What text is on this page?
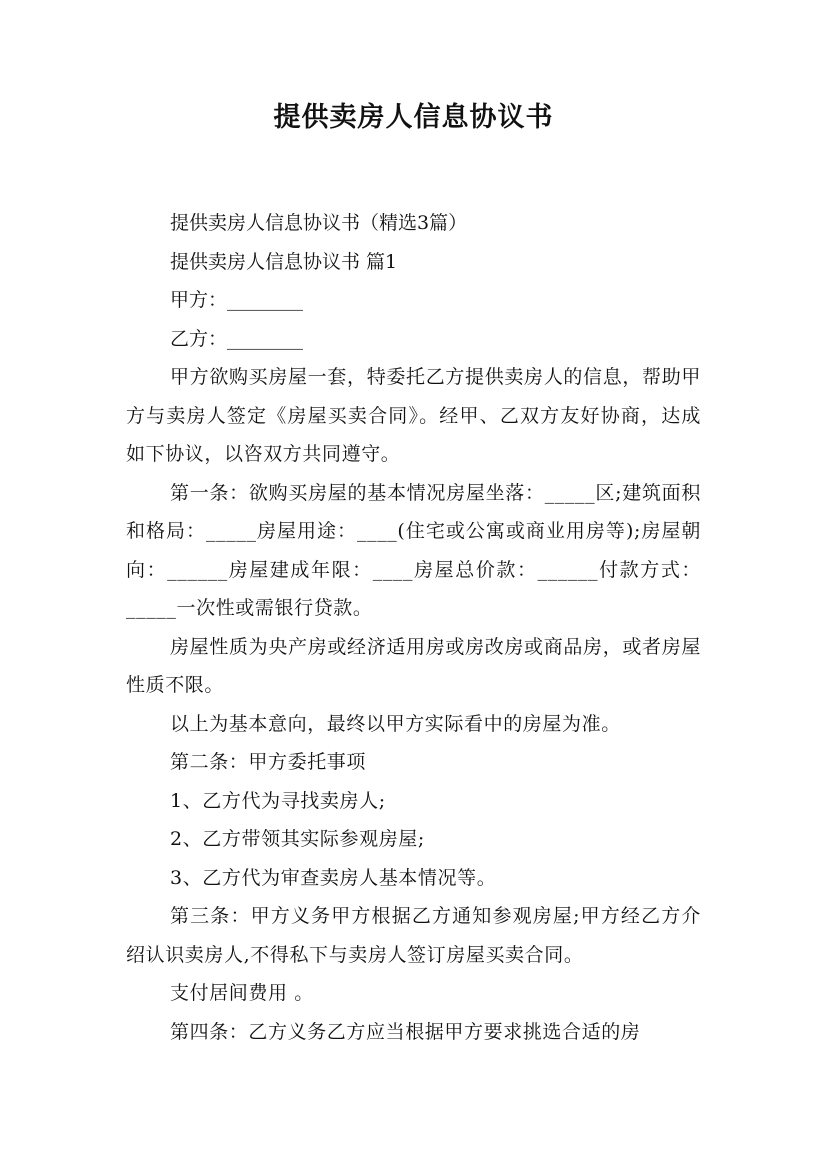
提供卖房人信息协议书

提供卖房人信息协议书（精选3篇）

提供卖房人信息协议书 篇1

甲方：________

乙方：________

甲方欲购买房屋一套，特委托乙方提供卖房人的信息，帮助甲方与卖房人签定《房屋买卖合同》。经甲、乙双方友好协商，达成如下协议，以咨双方共同遵守。

第一条：欲购买房屋的基本情况房屋坐落：_____区;建筑面积和格局：_____房屋用途：____(住宅或公寓或商业用房等);房屋朝向：______房屋建成年限：____房屋总价款：______付款方式：_____一次性或需银行贷款。

房屋性质为央产房或经济适用房或房改房或商品房，或者房屋性质不限。

以上为基本意向，最终以甲方实际看中的房屋为准。

第二条：甲方委托事项

1、乙方代为寻找卖房人;

2、乙方带领其实际参观房屋;

3、乙方代为审查卖房人基本情况等。

第三条：甲方义务甲方根据乙方通知参观房屋;甲方经乙方介绍认识卖房人,不得私下与卖房人签订房屋买卖合同。

支付居间费用 。

第四条：乙方义务乙方应当根据甲方要求挑选合适的房
